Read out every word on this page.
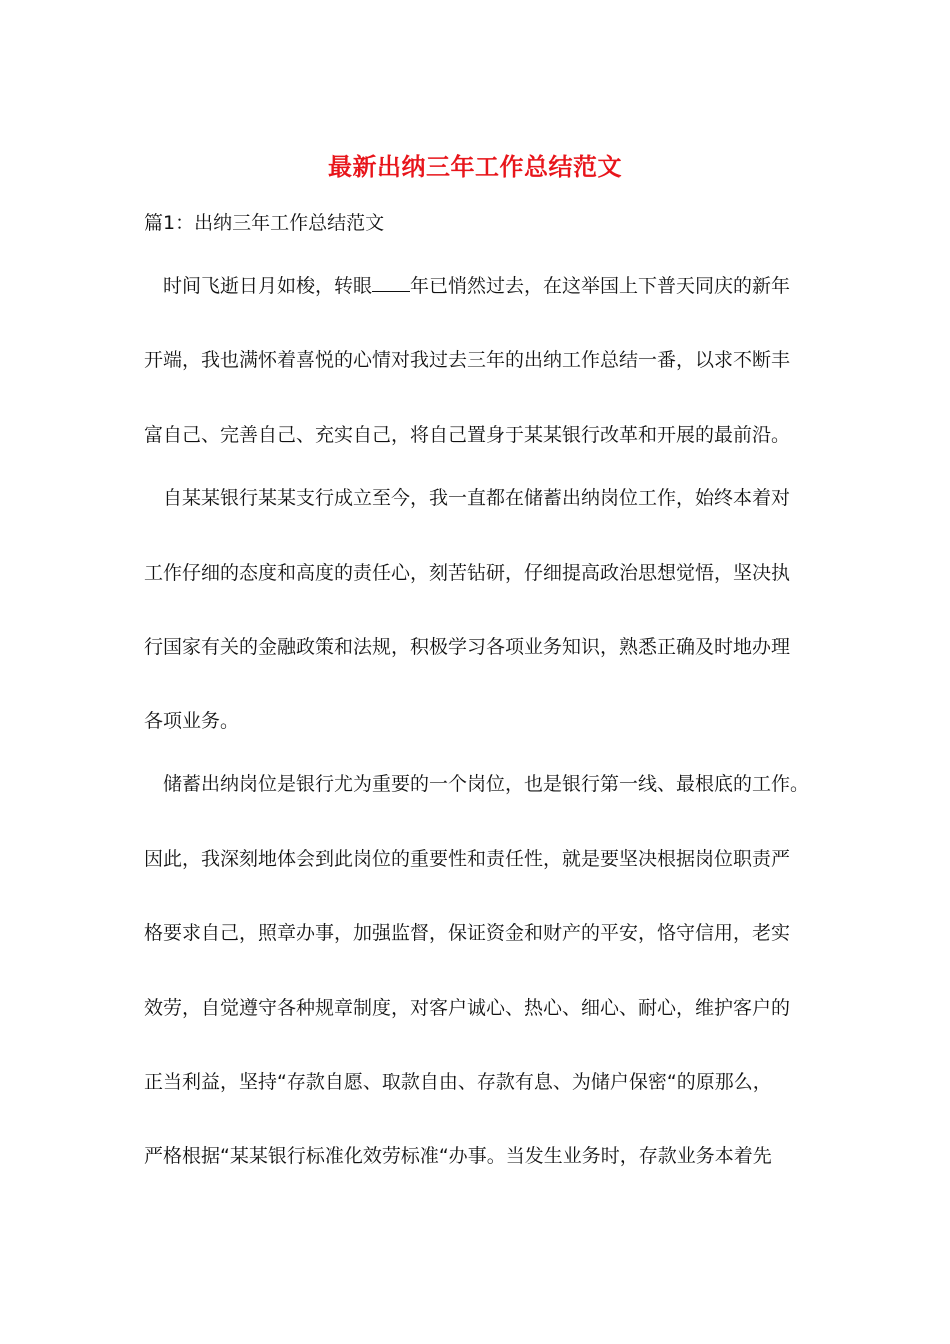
最新出纳三年工作总结范文
篇1：出纳三年工作总结范文
时间飞逝日月如梭，转眼 年已悄然过去，在这举国上下普天同庆的新年
开端，我也满怀着喜悦的心情对我过去三年的出纳工作总结一番，以求不断丰
富自己、完善自己、充实自己，将自己置身于某某银行改革和开展的最前沿。
自某某银行某某支行成立至今，我一直都在储蓄出纳岗位工作，始终本着对
工作仔细的态度和高度的责任心，刻苦钻研，仔细提高政治思想觉悟，坚决执
行国家有关的金融政策和法规，积极学习各项业务知识，熟悉正确及时地办理
各项业务。
储蓄出纳岗位是银行尤为重要的一个岗位，也是银行第一线、最根底的工作。
因此，我深刻地体会到此岗位的重要性和责任性，就是要坚决根据岗位职责严
格要求自己，照章办事，加强监督，保证资金和财产的平安，恪守信用，老实
效劳，自觉遵守各种规章制度，对客户诚心、热心、细心、耐心，维护客户的
正当利益，坚持“存款自愿、取款自由、存款有息、为储户保密“的原那么，
严格根据“某某银行标准化效劳标准“办事。当发生业务时，存款业务本着先
